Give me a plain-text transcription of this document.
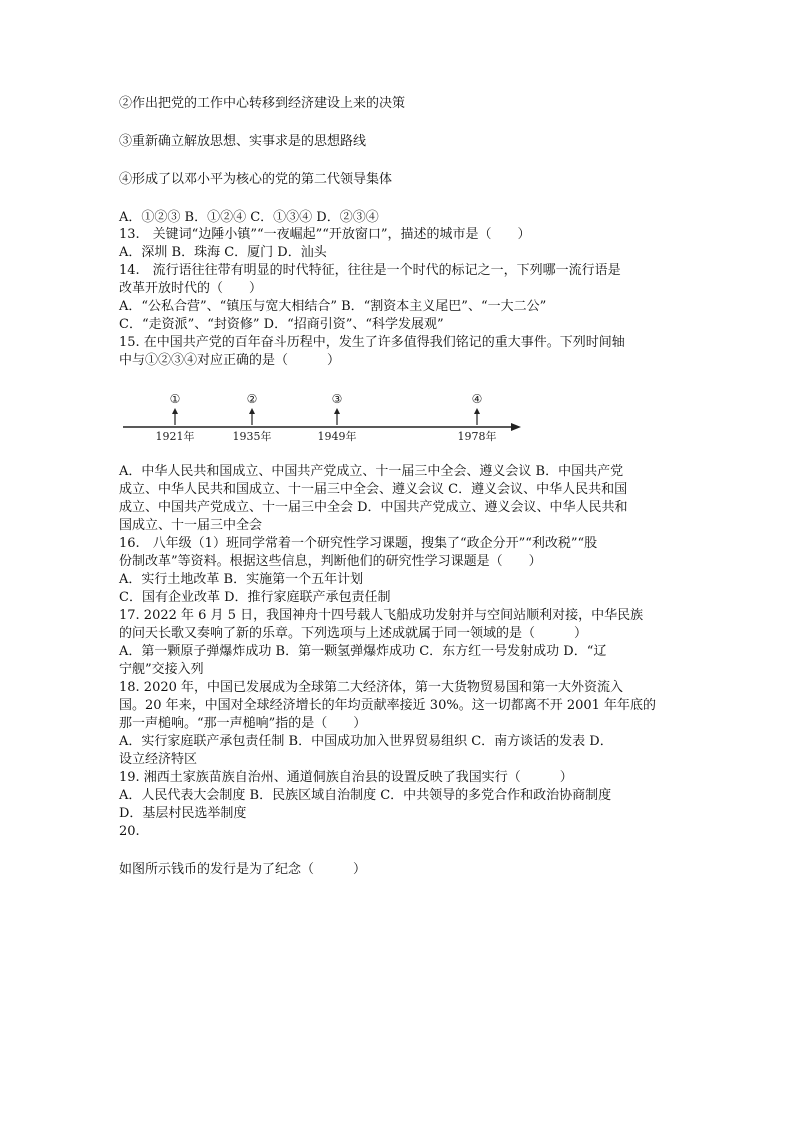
②作出把党的工作中心转移到经济建设上来的决策
③重新确立解放思想、实事求是的思想路线
④形成了以邓小平为核心的党的第二代领导集体
A．①②③ B．①②④ C．①③④ D．②③④
13.　关键词“边陲小镇”“一夜崛起”“开放窗口”，描述的城市是（　　）
A．深圳 B．珠海 C．厦门 D．汕头
14.　流行语往往带有明显的时代特征，往往是一个时代的标记之一，下列哪一流行语是
改革开放时代的（　　）
A．“公私合营”、“镇压与宽大相结合” B．“割资本主义尾巴”、“一大二公”
C．“走资派”、“封资修” D．“招商引资”、“科学发展观”
15. 在中国共产党的百年奋斗历程中，发生了许多值得我们铭记的重大事件。下列时间轴
中与①②③④对应正确的是（　　　）
①
1921年
②
1935年
③
1949年
④
1978年
A．中华人民共和国成立、中国共产党成立、十一届三中全会、遵义会议 B．中国共产党
成立、中华人民共和国成立、十一届三中全会、遵义会议 C．遵义会议、中华人民共和国
成立、中国共产党成立、十一届三中全会 D．中国共产党成立、遵义会议、中华人民共和
国成立、十一届三中全会
16.　八年级（1）班同学常着一个研究性学习课题，搜集了“政企分开”“利改税”“股
份制改革”等资料。根据这些信息，判断他们的研究性学习课题是（　　）
A．实行土地改革 B．实施第一个五年计划
C．国有企业改革 D．推行家庭联产承包责任制
17. 2022 年 6 月 5 日，我国神舟十四号载人飞船成功发射并与空间站顺利对接，中华民族
的问天长歌又奏响了新的乐章。下列选项与上述成就属于同一领域的是（　　　）
A．第一颗原子弹爆炸成功 B．第一颗氢弹爆炸成功 C．东方红一号发射成功 D．“辽
宁舰”交接入列
18. 2020 年，中国已发展成为全球第二大经济体，第一大货物贸易国和第一大外资流入
国。20 年来，中国对全球经济增长的年均贡献率接近 30%。这一切都离不开 2001 年年底的
那一声槌响。“那一声槌响”指的是（　　）
A．实行家庭联产承包责任制 B．中国成功加入世界贸易组织 C．南方谈话的发表 D．
设立经济特区
19. 湘西土家族苗族自治州、通道侗族自治县的设置反映了我国实行（　　　）
A．人民代表大会制度 B．民族区域自治制度 C．中共领导的多党合作和政治协商制度
D．基层村民选举制度
20.
如图所示钱币的发行是为了纪念（　　　）
